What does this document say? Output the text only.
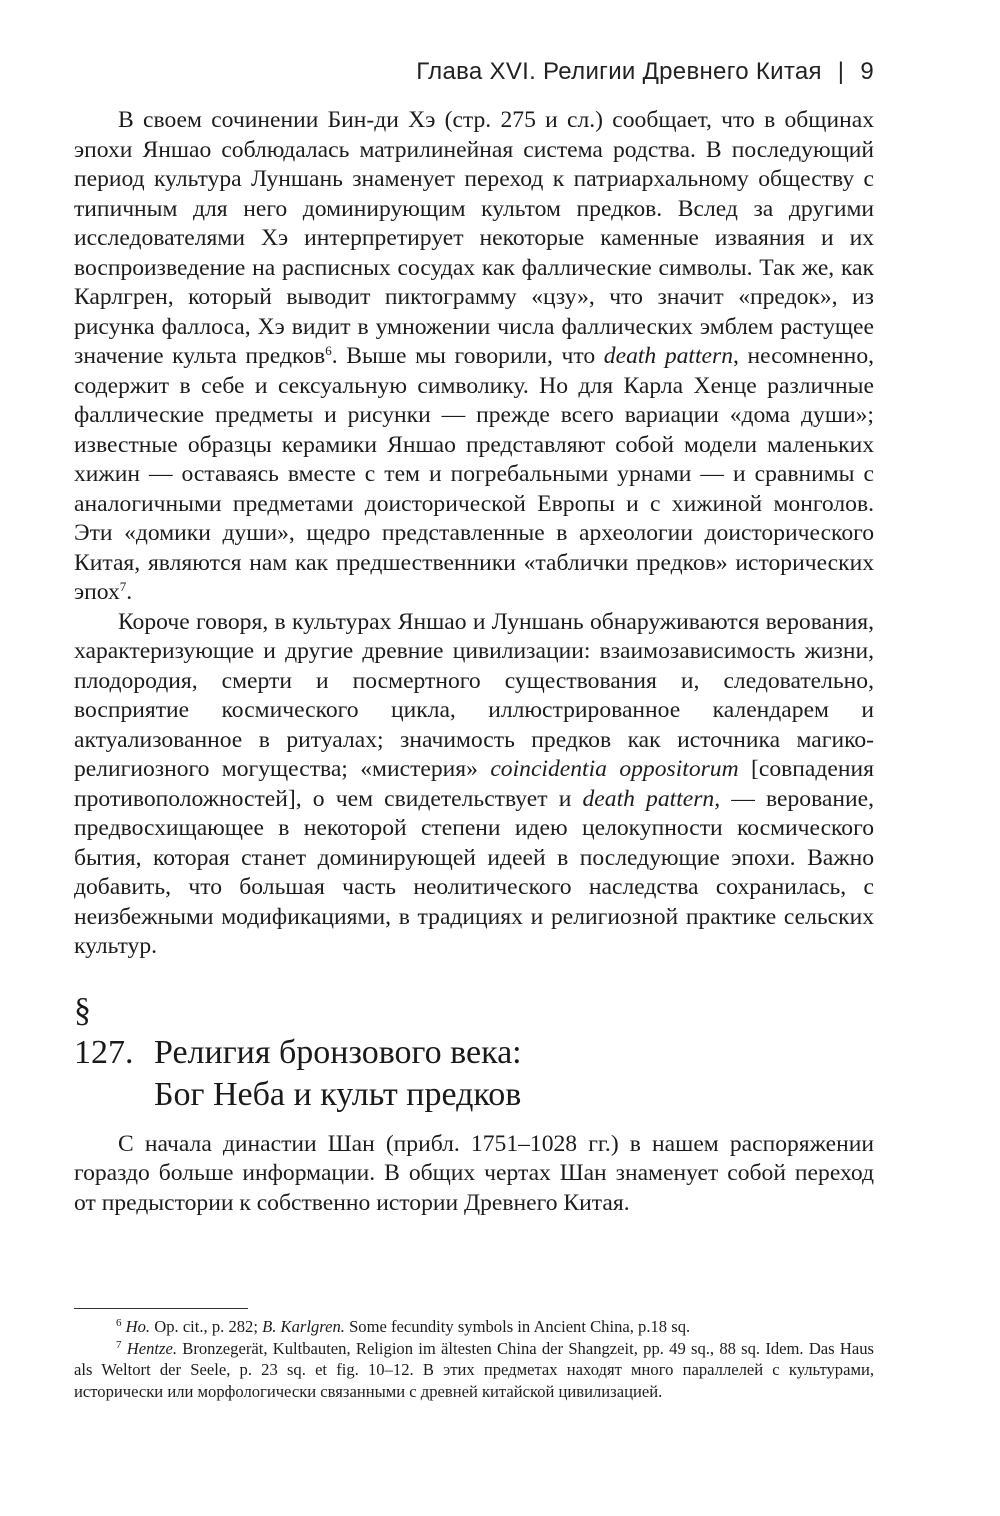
Глава XVI. Религии Древнего Китая | 9

В своем сочинении Бин-ди Хэ (стр. 275 и сл.) сообщает, что в общинах эпохи Яншао соблюдалась матрилинейная система родства. В последующий период культура Луншань знаменует переход к патриархальному обществу с типичным для него доминирующим культом предков. Вслед за другими исследователями Хэ интерпретирует некоторые каменные изваяния и их воспроизведение на расписных сосудах как фаллические символы. Так же, как Карлгрен, который выводит пиктограмму «цзу», что значит «предок», из рисунка фаллоса, Хэ видит в умножении числа фаллических эмблем растущее значение культа предков$^6$. Выше мы говорили, что death pattern, несомненно, содержит в себе и сексуальную символику. Но для Карла Хенце различные фаллические предметы и рисунки — прежде всего вариации «дома души»; известные образцы керамики Яншао представляют собой модели маленьких хижин — оставаясь вместе с тем и погребальными урнами — и сравнимы с аналогичными предметами доисторической Европы и с хижиной монголов. Эти «домики души», щедро представленные в археологии доисторического Китая, являются нам как предшественники «таблички предков» исторических эпох$^7$.

Короче говоря, в культурах Яншао и Луншань обнаруживаются верования, характеризующие и другие древние цивилизации: взаимозависимость жизни, плодородия, смерти и посмертного существования и, следовательно, восприятие космического цикла, иллюстрированное календарем и актуализованное в ритуалах; значимость предков как источника магико-религиозного могущества; «мистерия» coincidentia oppositorum [совпадения противоположностей], о чем свидетельствует и death pattern, — верование, предвосхищающее в некоторой степени идею целокупности космического бытия, которая станет доминирующей идеей в последующие эпохи. Важно добавить, что большая часть неолитического наследства сохранилась, с неизбежными модификациями, в традициях и религиозной практике сельских культур.

§ 127. Религия бронзового века:
Бог Неба и культ предков

С начала династии Шан (прибл. 1751–1028 гг.) в нашем распоряжении гораздо больше информации. В общих чертах Шан знаменует собой переход от предыстории к собственно истории Древнего Китая.

$^6$ Ho. Op. cit., p. 282; B. Karlgren. Some fecundity symbols in Ancient China, p.18 sq.

$^7$ Hentze. Bronzegerät, Kultbauten, Religion im ältesten China der Shangzeit, pp. 49 sq., 88 sq. Idem. Das Haus als Weltort der Seele, p. 23 sq. et fig. 10–12. В этих предметах находят много параллелей с культурами, исторически или морфологически связанными с древней китайской цивилизацией.
